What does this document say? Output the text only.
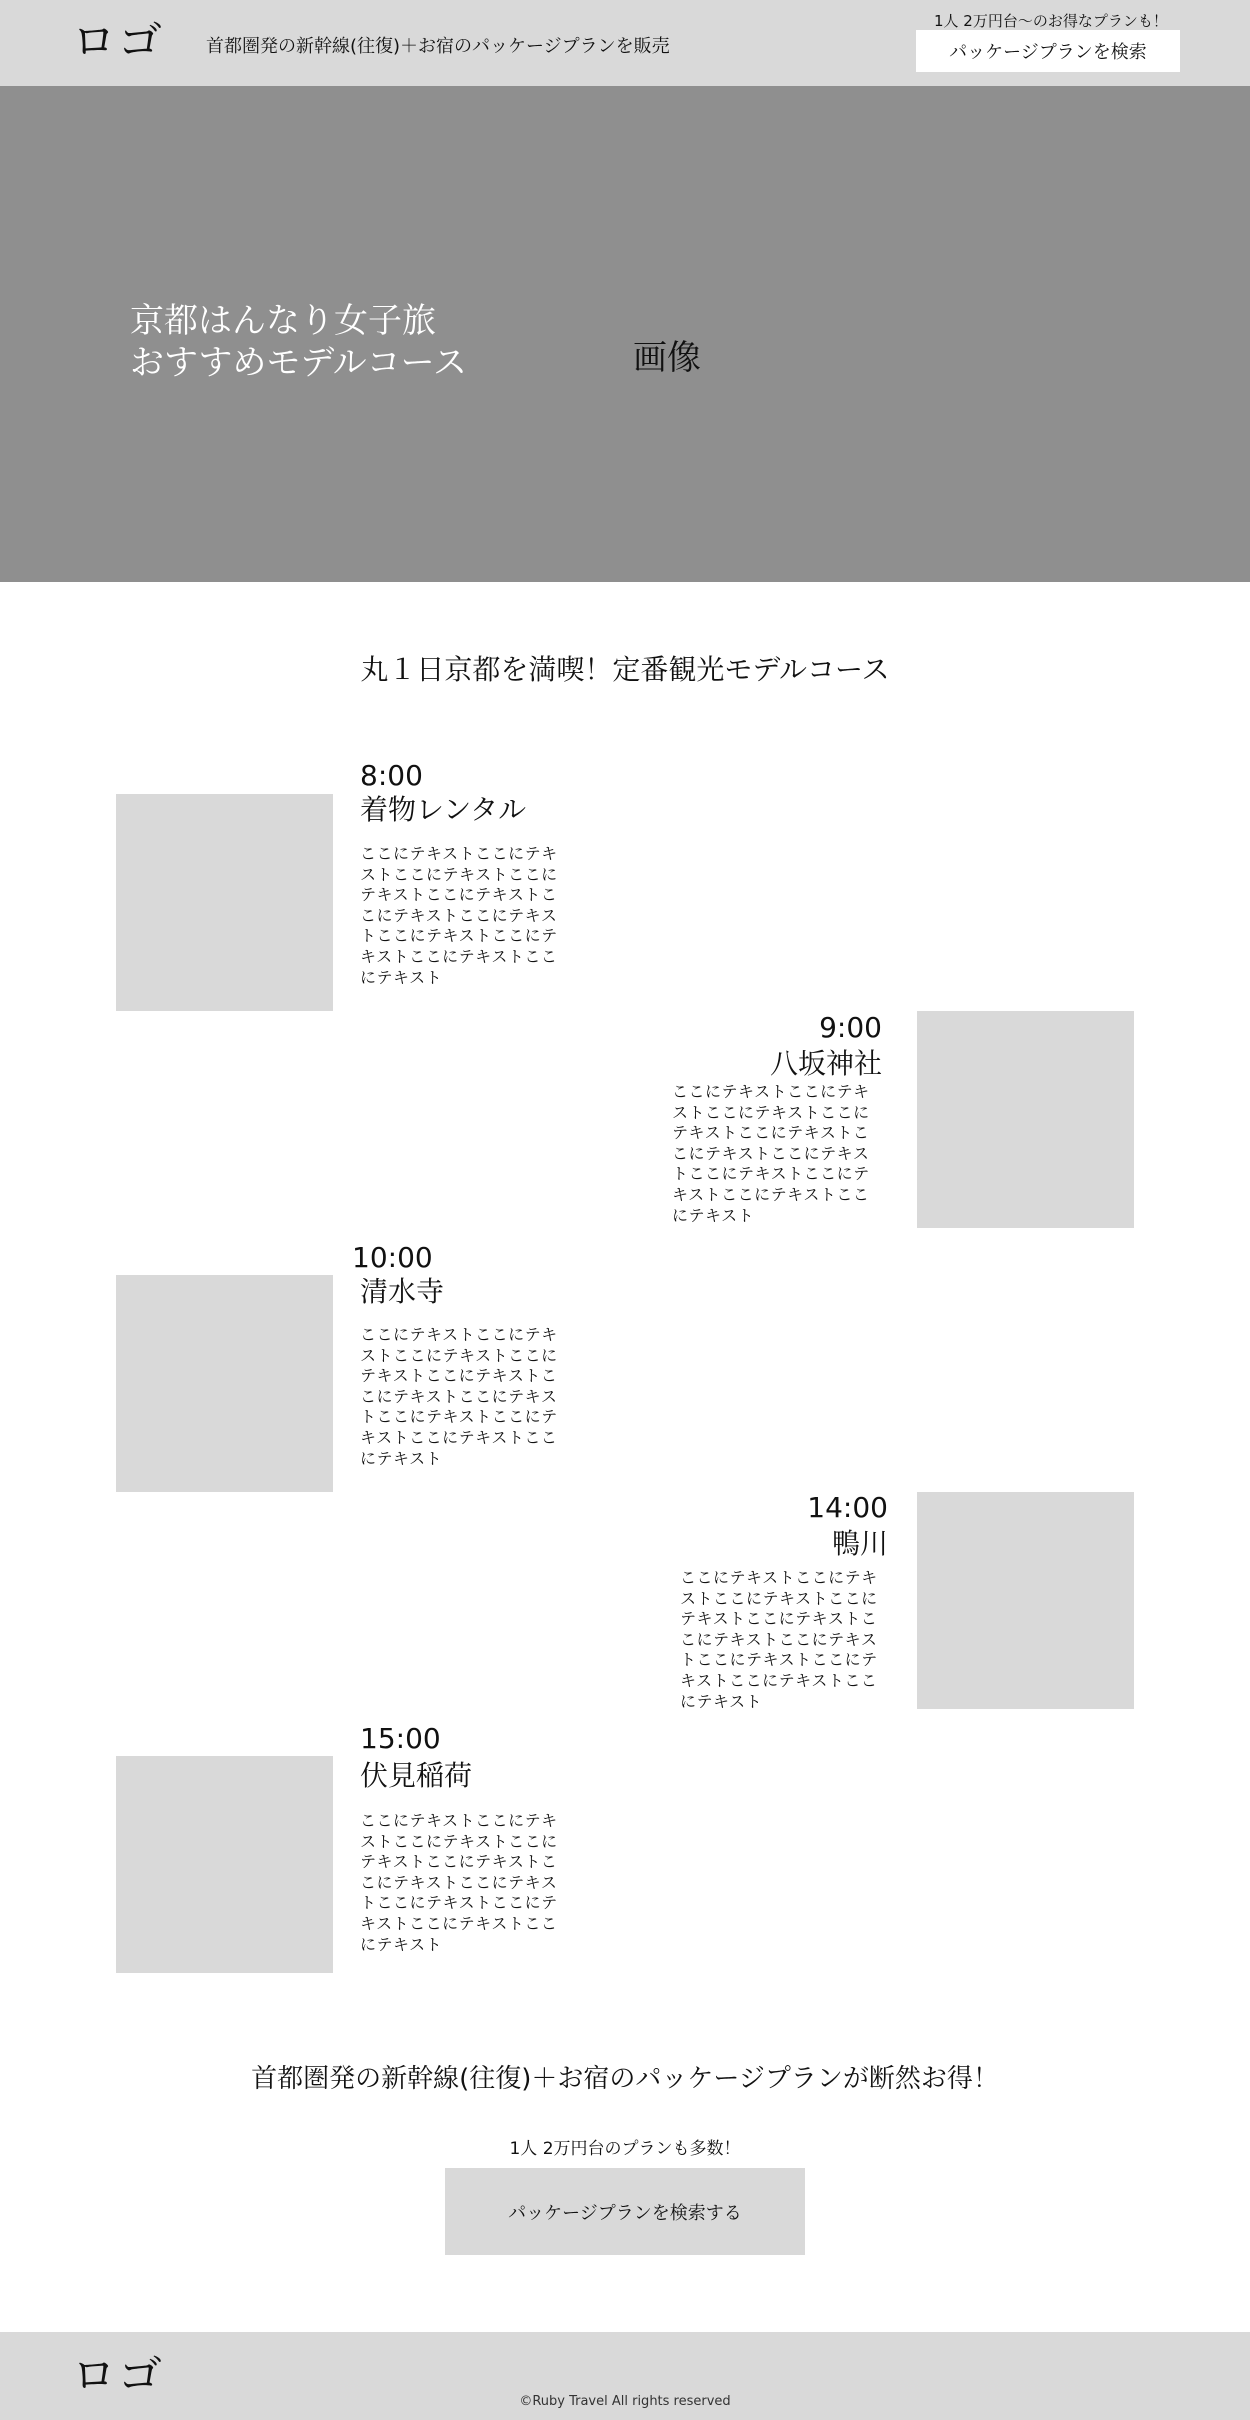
ロゴ 首都圏発の新幹線(往復)＋お宿のパッケージプランを販売
1人 2万円台〜のお得なプランも！
パッケージプランを検索
京都はんなり女子旅
おすすめモデルコース	画像
丸１日京都を満喫！定番観光モデルコース
8:00
着物レンタル
ここにテキストここにテキストここにテキストここにテキストここにテキストここにテキストここにテキストここにテキストここにテキストここにテキストここにテキスト
9:00
八坂神社
ここにテキストここにテキストここにテキストここにテキストここにテキストここにテキストここにテキストここにテキストここにテキストここにテキストここにテキスト
10:00
清水寺
ここにテキストここにテキストここにテキストここにテキストここにテキストここにテキストここにテキストここにテキストここにテキストここにテキストここにテキスト
14:00
鴨川
ここにテキストここにテキストここにテキストここにテキストここにテキストここにテキストここにテキストここにテキストここにテキストここにテキストここにテキスト
15:00
伏見稲荷
ここにテキストここにテキストここにテキストここにテキストここにテキストここにテキストここにテキストここにテキストここにテキストここにテキストここにテキスト
首都圏発の新幹線(往復)＋お宿のパッケージプランが断然お得！
1人 2万円台のプランも多数！
パッケージプランを検索する
ロゴ
©Ruby Travel All rights reserved
